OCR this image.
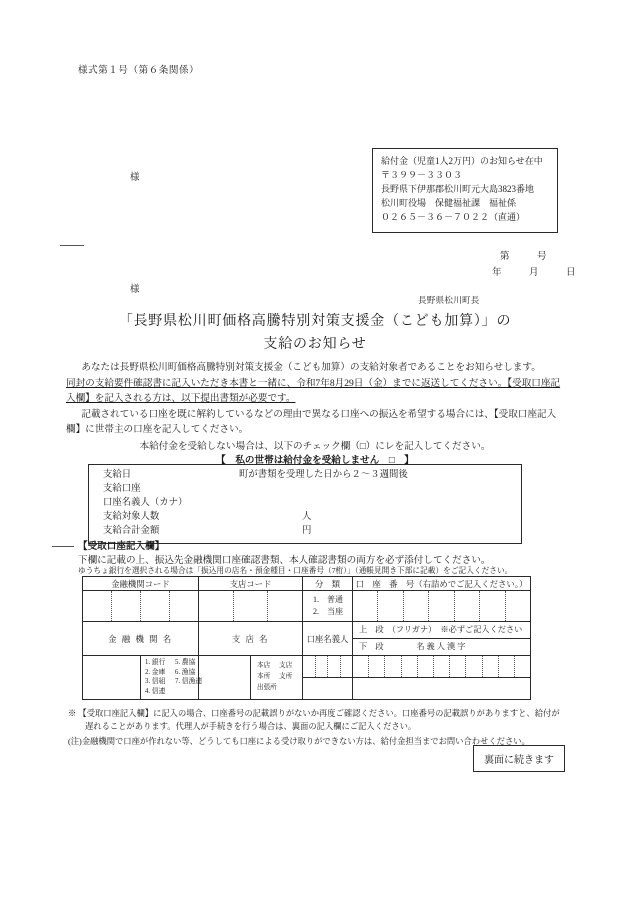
様式第１号（第６条関係）
様
給付金（児童1人2万円）のお知らせ在中
〒３９９－３３０３
長野県下伊那郡松川町元大島3823番地
松川町役場　保健福祉課　福祉係
０２６５－３６－７０２２（直通）
第　号
年　月　日
様
長野県松川町長
「長野県松川町価格高騰特別対策支援金（こども加算）」の
支給のお知らせ

あなたは長野県松川町価格高騰特別対策支援金（こども加算）の支給対象者であることをお知らせします。

同封の支給要件確認書に記入いただき本書と一緒に、令和7年8月29日（金）までに返送してください。【受取口座記入欄】を記入される方は、以下提出書類が必要です。

記載されている口座を既に解約しているなどの理由で異なる口座への振込を希望する場合には、【受取口座記入欄】に世帯主の口座を記入してください。

本給付金を受給しない場合は、以下のチェック欄（□）にレを記入してください。
【　私の世帯は給付金を受給しません　□　】
支給日	町が書類を受理した日から２～３週間後
支給口座
口座名義人（カナ）
支給対象人数	人
支給合計金額	円
【受取口座記入欄】
下欄に記載の上、振込先金融機関口座確認書類、本人確認書類の両方を必ず添付してください。
ゆうちょ銀行を選択される場合は「振込用の店名・預金種目・口座番号（7桁）」（通帳見開き下部に記載）をご記入ください。
金融機関コード		支店コード		分　類	口　座　番　号（右詰めでご記入ください。）

				1.　普通
2.　当座	

金 融 機 関 名		支 店 名		口座名義人	上　段　（フリガナ）　※必ずご記入ください
下　段　　　　名 義 人 漢 字

1. 銀行 5. 農協
2. 金庫 6. 漁協
3. 信組 7. 信漁連
4. 信連

本店 支店
本所 支所
出張所

※ 【受取口座記入欄】に記入の場合、口座番号の記載誤りがないか再度ご確認ください。口座番号の記載誤りがありますと、給付が
遅れることがあります。代理人が手続きを行う場合は、裏面の記入欄にご記入ください。
(注)金融機関で口座が作れない等、どうしても口座による受け取りができない方は、給付金担当までお問い合わせください。
裏面に続きます
